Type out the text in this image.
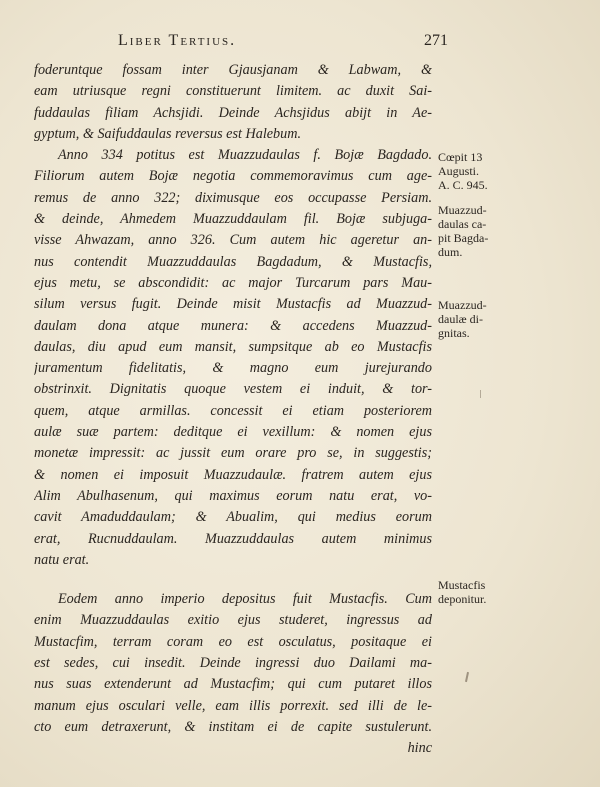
Liber Tertius.	271
foderuntque fossam inter Gjausjanam & Labwam, &
eam utriusque regni constituerunt limitem. ac duxit Sai-
fuddaulas filiam Achsjidi. Deinde Achsjidus abijt in Ae-
gyptum, & Saifuddaulas reversus est Halebum.
Anno 334 potitus est Muazzudaulas f. Bojæ Bagdado.
Filiorum autem Bojæ negotia commemoravimus cum age-
remus de anno 322; diximusque eos occupasse Persiam.
& deinde, Ahmedem Muazzuddaulam fil. Bojæ subjuga-
visse Ahwazam, anno 326. Cum autem hic ageretur an-
nus contendit Muazzuddaulas Bagdadum, & Mustacfis,
ejus metu, se abscondidit: ac major Turcarum pars Mau-
silum versus fugit. Deinde misit Mustacfis ad Muazzud-
daulam dona atque munera: & accedens Muazzud-
daulas, diu apud eum mansit, sumpsitque ab eo Mustacfis
juramentum fidelitatis, & magno eum jurejurando
obstrinxit. Dignitatis quoque vestem ei induit, & tor-
quem, atque armillas. concessit ei etiam posteriorem
aulæ suæ partem: deditque ei vexillum: & nomen ejus
monetæ impressit: ac jussit eum orare pro se, in suggestis;
& nomen ei imposuit Muazzudaulæ. fratrem autem ejus
Alim Abulhasenum, qui maximus eorum natu erat, vo-
cavit Amaduddaulam; & Abualim, qui medius eorum
erat, Rucnuddaulam. Muazzuddaulas autem minimus
natu erat.
Eodem anno imperio depositus fuit Mustacfis. Cum
enim Muazzuddaulas exitio ejus studeret, ingressus ad
Mustacfim, terram coram eo est osculatus, positaque ei
est sedes, cui insedit. Deinde ingressi duo Dailami ma-
nus suas extenderunt ad Mustacfim; qui cum putaret illos
manum ejus osculari velle, eam illis porrexit. sed illi de le-
cto eum detraxerunt, & institam ei de capite sustulerunt.
hinc
Cœpit 13
Augusti.
A. C. 945.
Muazzud-
daulas ca-
pit Bagda-
dum.
Muazzud-
daulæ di-
gnitas.
Mustacfis
deponitur.
